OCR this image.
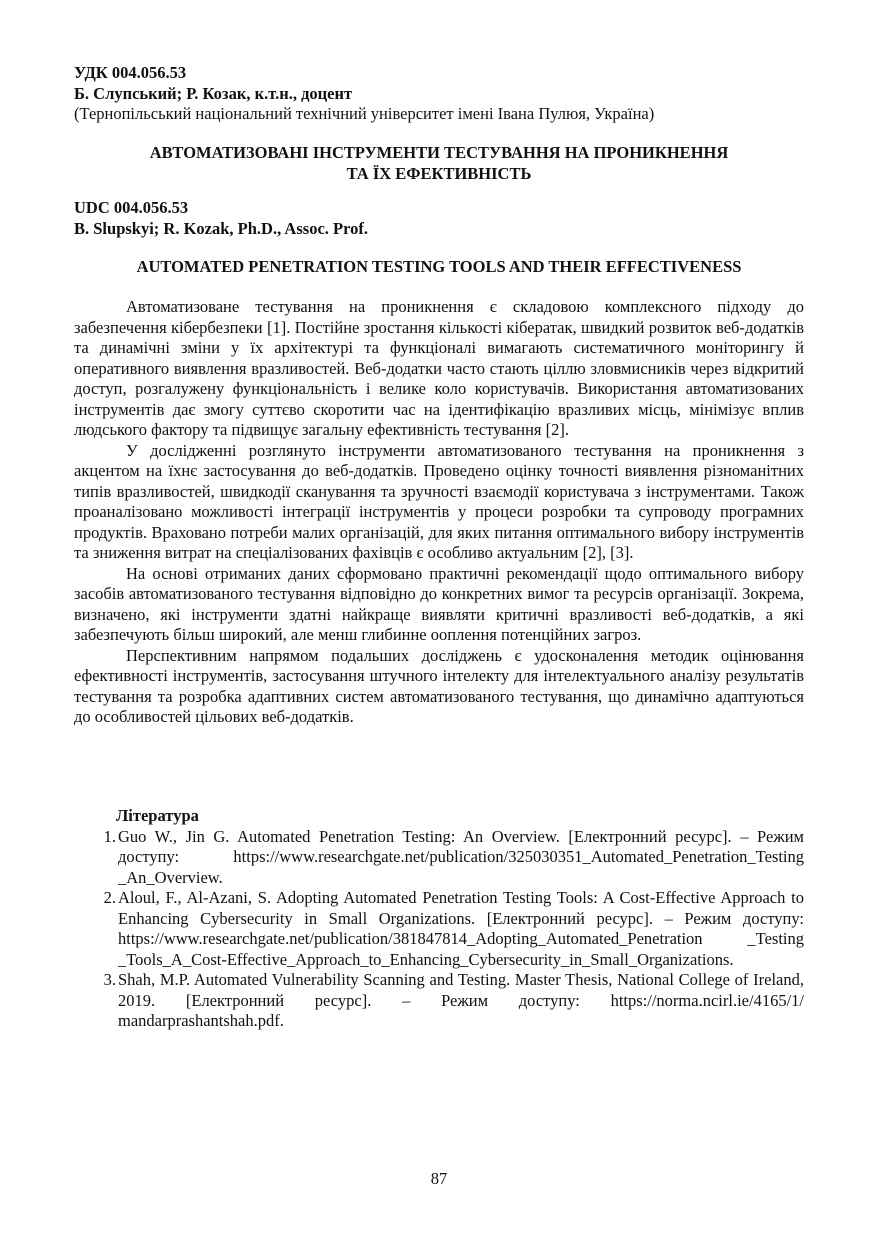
УДК 004.056.53
Б. Слупський; Р. Козак, к.т.н., доцент
(Тернопільський національний технічний університет імені Івана Пулюя, Україна)
АВТОМАТИЗОВАНІ ІНСТРУМЕНТИ ТЕСТУВАННЯ НА ПРОНИКНЕННЯ
ТА ЇХ ЕФЕКТИВНІСТЬ
UDC 004.056.53
B. Slupskyi; R. Kozak, Ph.D., Assoc. Prof.
AUTOMATED PENETRATION TESTING TOOLS AND THEIR EFFECTIVENESS

Автоматизоване тестування на проникнення є складовою комплексного підходу до забезпечення кібербезпеки [1]. Постійне зростання кількості кібератак, швидкий розвиток веб-додатків та динамічні зміни у їх архітектурі та функціоналі вимагають систематичного моніторингу й оперативного виявлення вразливостей. Веб-додатки часто стають ціллю зловмисників через відкритий доступ, розгалужену функціональність і велике коло користувачів. Використання автоматизованих інструментів дає змогу суттєво скоротити час на ідентифікацію вразливих місць, мінімізує вплив людського фактору та підвищує загальну ефективність тестування [2].

У дослідженні розглянуто інструменти автоматизованого тестування на проникнення з акцентом на їхнє застосування до веб-додатків. Проведено оцінку точності виявлення різноманітних типів вразливостей, швидкодії сканування та зручності взаємодії користувача з інструментами. Також проаналізовано можливості інтеграції інструментів у процеси розробки та супроводу програмних продуктів. Враховано потреби малих організацій, для яких питання оптимального вибору інструментів та зниження витрат на спеціалізованих фахівців є особливо актуальним [2], [3].

На основі отриманих даних сформовано практичні рекомендації щодо оптимального вибору засобів автоматизованого тестування відповідно до конкретних вимог та ресурсів організації. Зокрема, визначено, які інструменти здатні найкраще виявляти критичні вразливості веб-додатків, а які забезпечують більш широкий, але менш глибинне ооплення потенційних загроз.

Перспективним напрямом подальших досліджень є удосконалення методик оцінювання ефективності інструментів, застосування штучного інтелекту для інтелектуального аналізу результатів тестування та розробка адаптивних систем автоматизованого тестування, що динамічно адаптуються до особливостей цільових веб-додатків.

Література
1. Guo W., Jin G. Automated Penetration Testing: An Overview. [Електронний ресурс]. – Режим доступу: https://www.researchgate.net/publication/325030351_Automated_Penetration_Testing _An_Overview.
2. Aloul, F., Al-Azani, S. Adopting Automated Penetration Testing Tools: A Cost-Effective Approach to Enhancing Cybersecurity in Small Organizations. [Електронний ресурс]. – Режим доступу: https://www.researchgate.net/publication/381847814_Adopting_Automated_Penetration _Testing _Tools_A_Cost-Effective_Approach_to_Enhancing_Cybersecurity_in_Small_Organizations.
3. Shah, M.P. Automated Vulnerability Scanning and Testing. Master Thesis, National College of Ireland, 2019. [Електронний ресурс]. – Режим доступу: https://norma.ncirl.ie/4165/1/ mandarprashantshah.pdf.
87
